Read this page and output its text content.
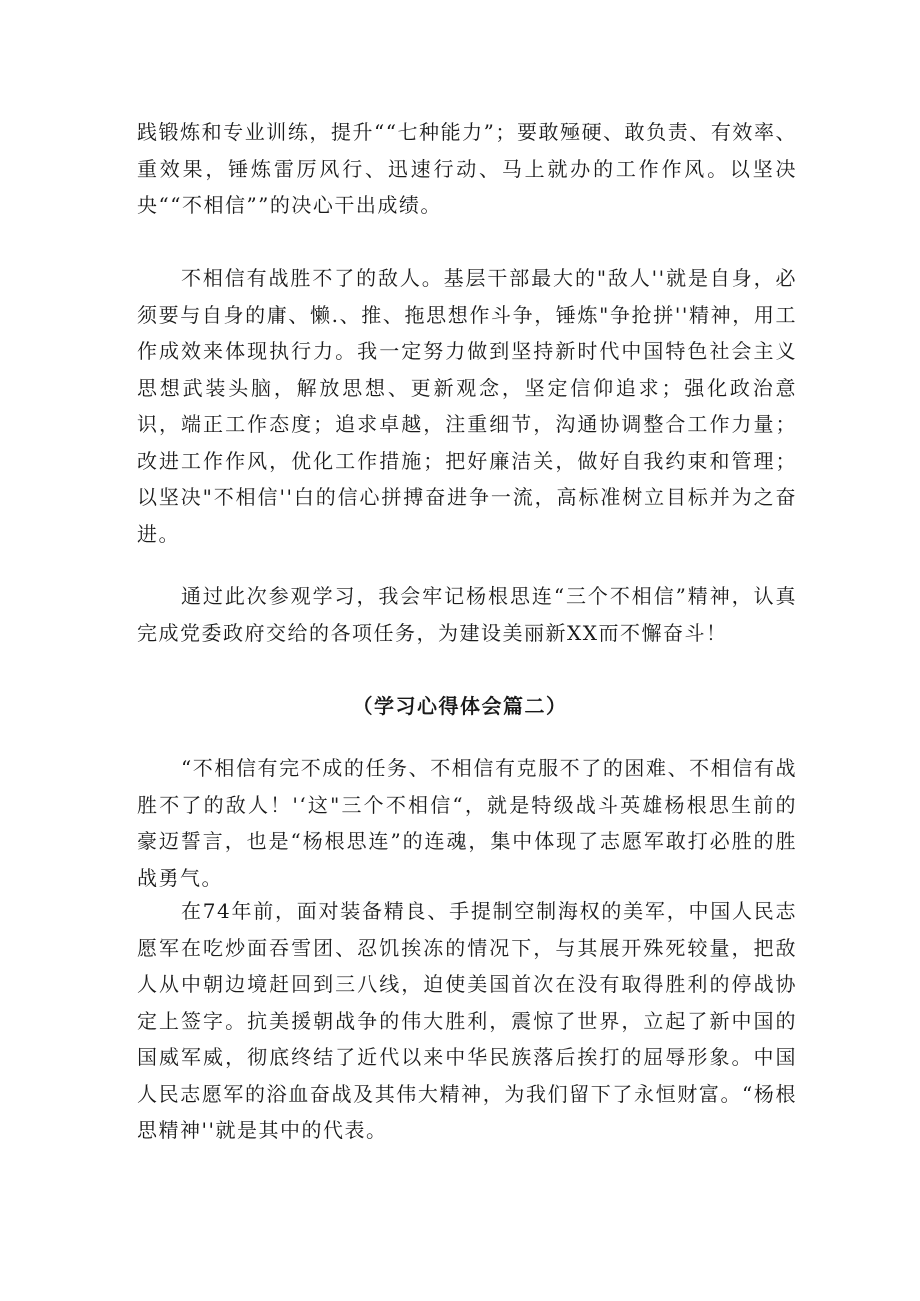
践锻炼和专业训练，提升““七种能力”；要敢殛硬、敢负责、有效率、重效果，锤炼雷厉风行、迅速行动、马上就办的工作作风。以坚决央““不相信””的决心干出成绩。

不相信有战胜不了的敌人。基层干部最大的"敌人''就是自身，必须要与自身的庸、懒.、推、拖思想作斗争，锤炼"争抢拼''精神，用工作成效来体现执行力。我一定努力做到坚持新时代中国特色社会主义思想武装头脑，解放思想、更新观念，坚定信仰追求；强化政治意识，端正工作态度；追求卓越，注重细节，沟通协调整合工作力量；改进工作作风，优化工作措施；把好廉洁关，做好自我约束和管理；以坚决"不相信''白的信心拼搏奋进争一流，高标准树立目标并为之奋进。

通过此次参观学习，我会牢记杨根思连“三个不相信”精神，认真完成党委政府交给的各项任务，为建设美丽新XX而不懈奋斗！

（学习心得体会篇二）

“不相信有完不成的任务、不相信有克服不了的困难、不相信有战胜不了的敌人！'‘这"三个不相信“，就是特级战斗英雄杨根思生前的豪迈誓言，也是“杨根思连”的连魂，集中体现了志愿军敢打必胜的胜战勇气。

在74年前，面对装备精良、手提制空制海权的美军，中国人民志愿军在吃炒面吞雪团、忍饥挨冻的情况下，与其展开殊死较量，把敌人从中朝边境赶回到三八线，迫使美国首次在没有取得胜利的停战协定上签字。抗美援朝战争的伟大胜利，震惊了世界，立起了新中国的国威军威，彻底终结了近代以来中华民族落后挨打的屈辱形象。中国人民志愿军的浴血奋战及其伟大精神，为我们留下了永恒财富。“杨根思精神''就是其中的代表。
